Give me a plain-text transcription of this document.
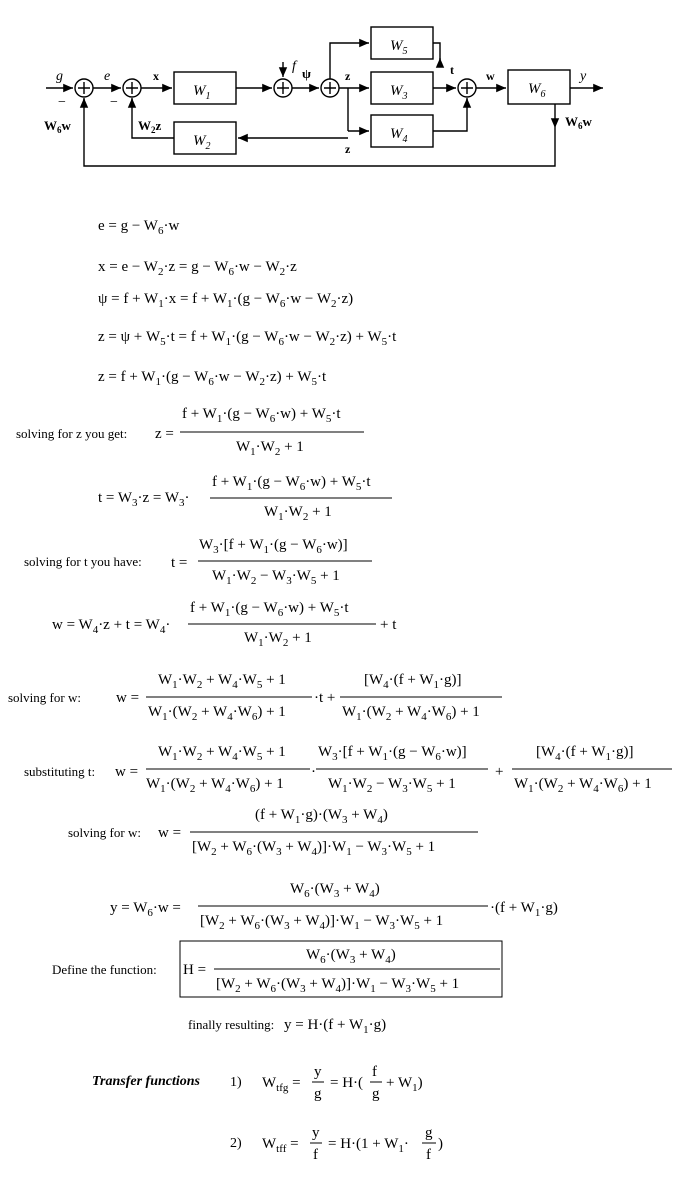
$W_1$
$W_2$
$W_3$
$W_4$
$W_5$
$W_6$
g	e	x
f ψ	z
z
t	w	y
$W_2z$
$W_6w$	$W_6w$
−	−
$e = g - W_6\cdot w$
$x = e - W_2\cdot z = g - W_6\cdot w - W_2\cdot z$
$\psi = f + W_1\cdot x = f + W_1\cdot(g - W_6\cdot w - W_2\cdot z)$
$z = \psi + W_5\cdot t = f + W_1\cdot(g - W_6\cdot w - W_2\cdot z) + W_5\cdot t$
$z = f + W_1\cdot(g - W_6\cdot w - W_2\cdot z) + W_5\cdot t$
z =
$f + W_1\cdot(g - W_6\cdot w) + W_5\cdot t$
$W_1\cdot W_2 + 1$
$t = W_3\cdot z = W_3\cdot$
$f + W_1\cdot(g - W_6\cdot w) + W_5\cdot t$
$W_1\cdot W_2 + 1$
t =
$W_3\cdot[f + W_1\cdot(g - W_6\cdot w)]$
$W_1\cdot W_2 - W_3\cdot W_5 + 1$
$w = W_4\cdot z + t = W_4\cdot$
$f + W_1\cdot(g - W_6\cdot w) + W_5\cdot t$
$W_1\cdot W_2 + 1$
+ t
w =
$W_1\cdot W_2 + W_4\cdot W_5 + 1$
$W_1\cdot(W_2 + W_4\cdot W_6) + 1$
·t +
$[W_4\cdot(f + W_1\cdot g)]$
$W_1\cdot(W_2 + W_4\cdot W_6) + 1$
w =
$W_1\cdot W_2 + W_4\cdot W_5 + 1$
$W_1\cdot(W_2 + W_4\cdot W_6) + 1$
·
$W_3\cdot[f + W_1\cdot(g - W_6\cdot w)]$
$W_1\cdot W_2 - W_3\cdot W_5 + 1$
+
$[W_4\cdot(f + W_1\cdot g)]$
$W_1\cdot(W_2 + W_4\cdot W_6) + 1$
w =
$(f + W_1\cdot g)\cdot(W_3 + W_4)$
$[W_2 + W_6\cdot(W_3 + W_4)]\cdot W_1 - W_3\cdot W_5 + 1$
$y = W_6\cdot w$ =
$W_6\cdot(W_3 + W_4)$
$[W_2 + W_6\cdot(W_3 + W_4)]\cdot W_1 - W_3\cdot W_5 + 1$
$\cdot(f + W_1\cdot g)$
H =
$W_6\cdot(W_3 + W_4)$
$[W_2 + W_6\cdot(W_3 + W_4)]\cdot W_1 - W_3\cdot W_5 + 1$
$y = H\cdot(f + W_1\cdot g)$
$W_{tfg}$ =
y
g
= H·(
f
g
+ $W_1$)
$W_{tff}$ =
y
f
= $H\cdot(1 + W_1\cdot$
g
f
)
solving for z you get:
solving for t you have:
solving for w:
substituting t:
solving for w:
Define the function:
finally resulting:
Transfer functions 1)
2)
